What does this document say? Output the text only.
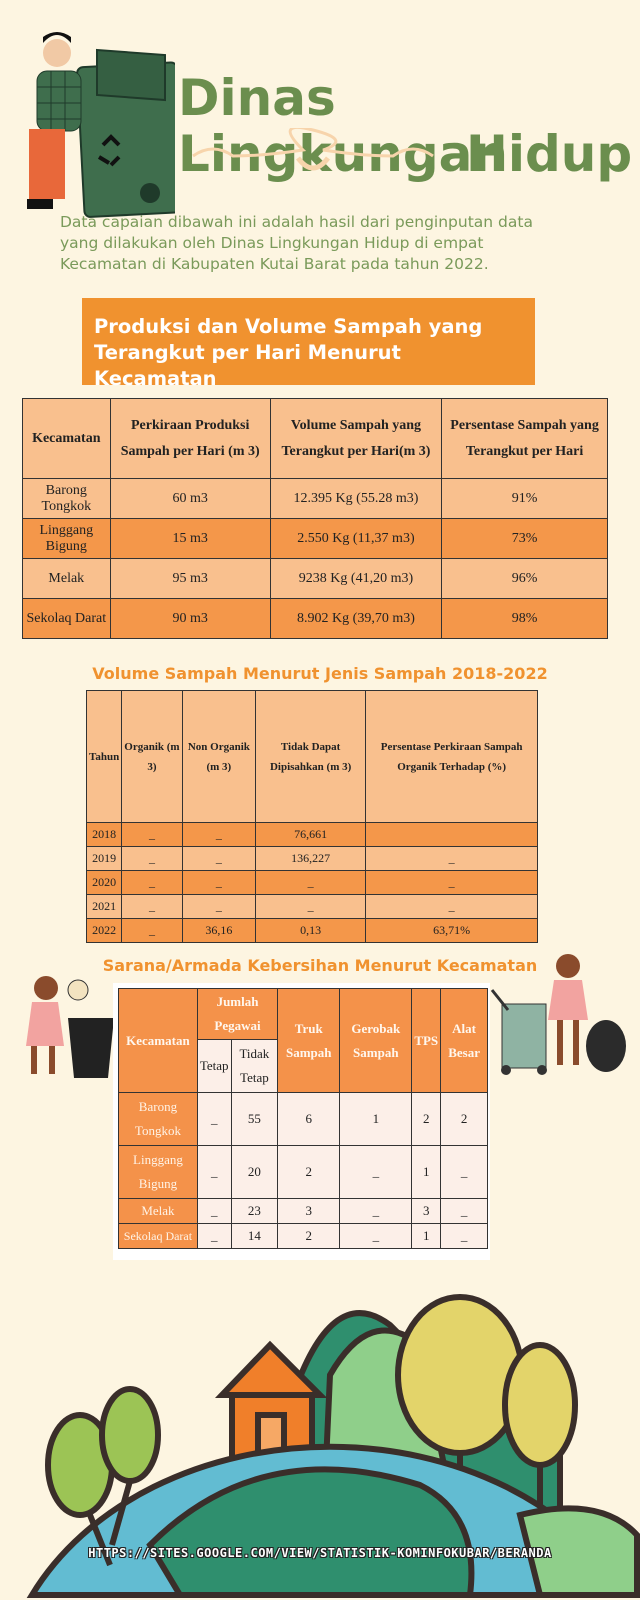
Dinas Lingkungan
Hidup
Data capaian dibawah ini adalah hasil dari penginputan data yang dilakukan oleh Dinas Lingkungan Hidup di empat Kecamatan di Kabupaten Kutai Barat pada tahun 2022.
Produksi dan Volume Sampah yang Terangkut per Hari Menurut Kecamatan
Kecamatan	Perkiraan Produksi Sampah per Hari (m 3)	Volume Sampah yang Terangkut per Hari(m 3)	Persentase Sampah yang Terangkut per Hari
Barong Tongkok	60 m3	12.395 Kg (55.28 m3)	91%
Linggang Bigung	15 m3	2.550 Kg (11,37 m3)	73%
Melak	95 m3	9238 Kg (41,20 m3)	96%
Sekolaq Darat	90 m3	8.902 Kg (39,70 m3)	98%
Volume Sampah Menurut Jenis Sampah 2018-2022
Tahun	Organik (m 3)	Non Organik (m 3)	Tidak Dapat Dipisahkan (m 3)	Persentase Perkiraan Sampah Organik Terhadap (%)
2018	_	_	76,661	
2019	_	_	136,227	_
2020	_	_	_	_
2021	_	_	_	_
2022	_	36,16	0,13	63,71%
Sarana/Armada Kebersihan Menurut Kecamatan
Kecamatan	Jumlah Pegawai		Truk Sampah	Gerobak Sampah	TPS	Alat Besar
	Tetap	Tidak Tetap				
Barong Tongkok	_	55	6	1	2	2
Linggang Bigung	_	20	2	_	1	_
Melak	_	23	3	_	3	_
Sekolaq Darat	_	14	2	_	1	_
HTTPS://SITES.GOOGLE.COM/VIEW/STATISTIK-KOMINFOKUBAR/BERANDA
